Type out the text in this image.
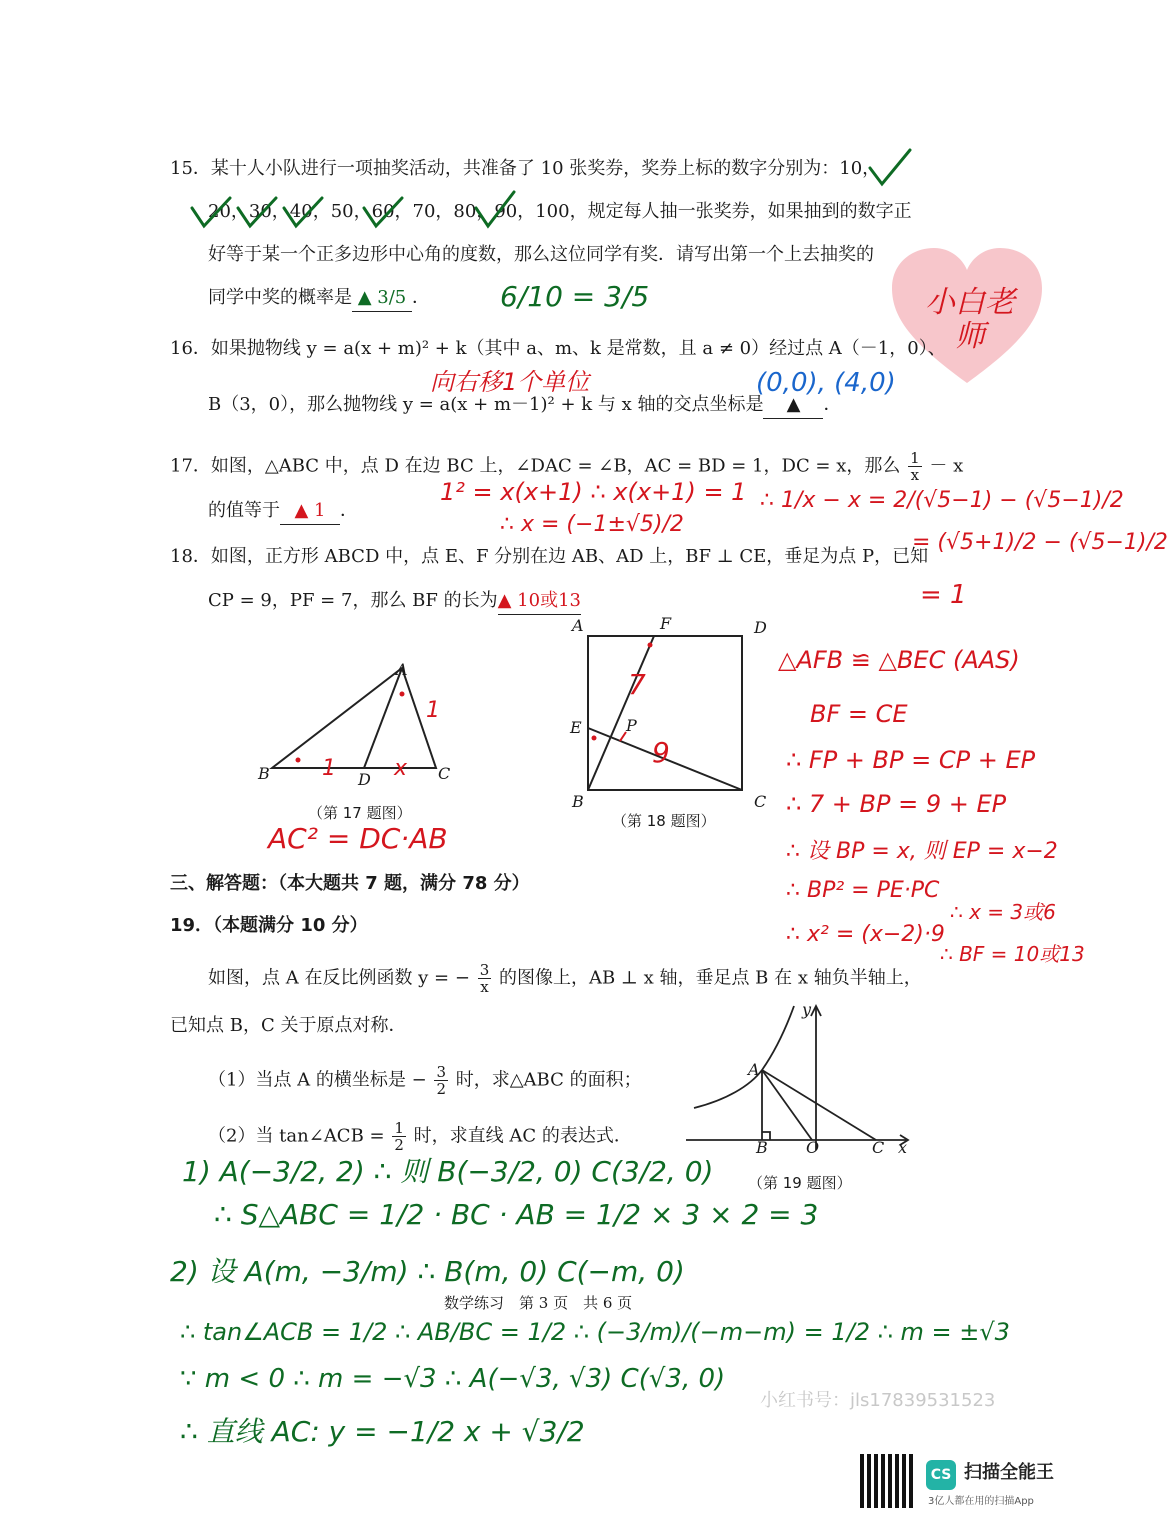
15．某十人小队进行一项抽奖活动，共准备了 10 张奖券，奖券上标的数字分别为：10，
20，30，40，50，60，70，80，90，100，规定每人抽一张奖券，如果抽到的数字正
好等于某一个正多边形中心角的度数，那么这位同学有奖．请写出第一个上去抽奖的
同学中奖的概率是 ▲ 3/5 ．	6/10 = 3/5	小白老师
16．如果抛物线 y = a(x + m)² + k（其中 a、m、k 是常数，且 a ≠ 0）经过点 A（－1，0）、
向右移1个单位
B（3，0），那么抛物线 y = a(x + m－1)² + k 与 x 轴的交点坐标是 ▲ ．
(0,0), (4,0)
17．如图，△ABC 中，点 D 在边 BC 上，∠DAC = ∠B，AC = BD = 1，DC = x，那么 $\frac{1}{x} - x$
的值等于 ▲ 1 ．
1² = x(x+1) ∴ x(x+1) = 1
∴ x = (−1±√5)/2
∴ 1/x − x = 2/(√5−1) − (√5−1)/2
= (√5+1)/2 − (√5−1)/2
= 1
18．如图，正方形 ABCD 中，点 E、F 分别在边 AB、AD 上，BF ⊥ CE，垂足为点 P，已知
CP = 9，PF = 7，那么 BF 的长为▲ 10或13
A
B	C
D
1
1	x
（第 17 题图）
AC² = DC·AB
A	F	D
E	P
B	C
7
9
（第 18 题图）
△AFB ≌ △BEC (AAS)
BF = CE
∴ FP + BP = CP + EP
∴ 7 + BP = 9 + EP
∴ 设 BP = x, 则 EP = x−2
∴ BP² = PE·PC
∴ x² = (x−2)·9
∴ x = 3或6
∴ BF = 10或13
三、解答题：（本大题共 7 题，满分 78 分）
19．（本题满分 10 分）
如图，点 A 在反比例函数 y = − $\frac{3}{x}$ 的图像上，AB ⊥ x 轴，垂足点 B 在 x 轴负半轴上，
已知点 B，C 关于原点对称．
（1）当点 A 的横坐标是 − $\frac{3}{2}$ 时，求△ABC 的面积；
（2）当 tan∠ACB = $\frac{1}{2}$ 时，求直线 AC 的表达式．
y
x
A
B O	C
（第 19 题图）
1) A(−3/2, 2) ∴ 则 B(−3/2, 0) C(3/2, 0)
∴ S△ABC = 1/2 · BC · AB = 1/2 × 3 × 2 = 3
2) 设 A(m, −3/m) ∴ B(m, 0) C(−m, 0)
数学练习　第 3 页　共 6 页
∴ tan∠ACB = 1/2 ∴ AB/BC = 1/2 ∴ (−3/m)/(−m−m) = 1/2 ∴ m = ±√3
∵ m < 0 ∴ m = −√3 ∴ A(−√3, √3) C(√3, 0)
小红书号：jls17839531523
∴ 直线 AC: y = −1/2 x + √3/2
CS 扫描全能王
3亿人都在用的扫描App
